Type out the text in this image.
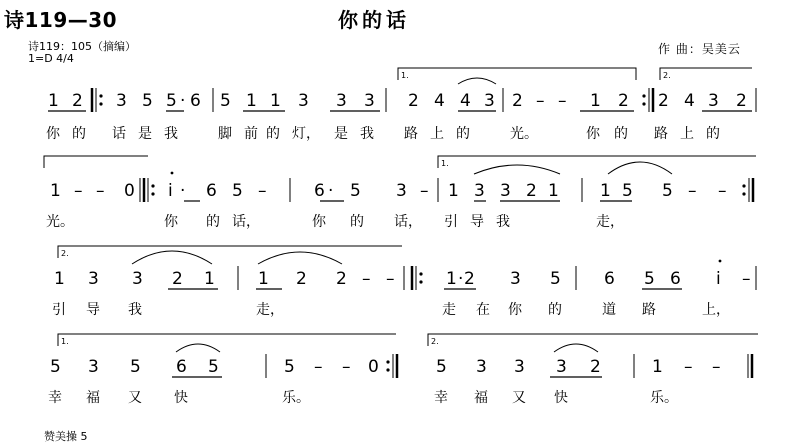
诗119—30	你的话
诗119：105（摘编）
1=D 4/4
作 曲：吴美云
赞美操 5
1.	2.
1 2 3 5 5 · 6 5 1 1 3 3 3 2 4 4 3 2 – – 1 2 2 4 3 2
你 的 话 是 我	脚 前 的 灯， 是 我 路 上 的	光。	你 的 路 上 的
1.
1 – – 0 i · 6 5 –	6 · 5 3 – 1 3 3 2 1 1 5 5 – –
光。	你 的 话，	你 的 话， 引 导 我	走，
2.
1 3 3 2 1	1 2 2 – –	1 · 2 3 5	6 5 6 i –
引 导 我	走，	走 在 你 的	道 路	上，
1.	2.
5 3 5 6 5	5 – – 0	5 3 3 3 2	1 – –
幸 福 又 快	乐。	幸 福 又 快	乐。
